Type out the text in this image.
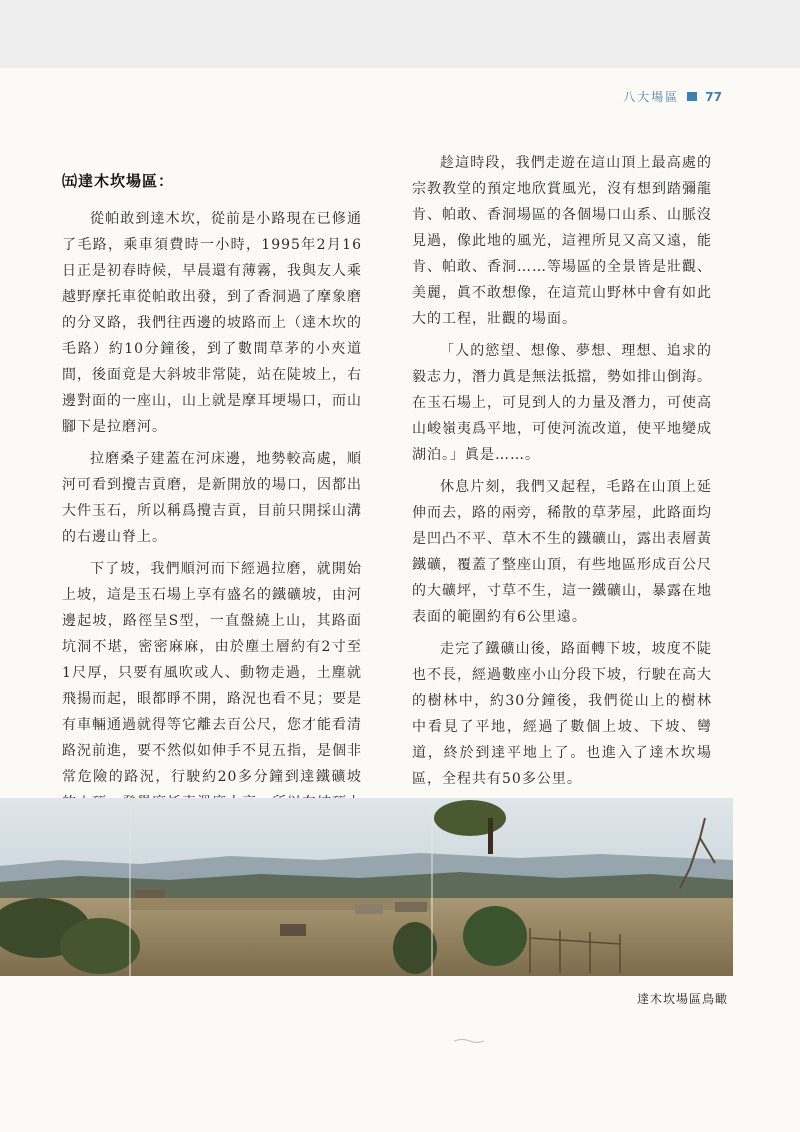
八大場區 77
㈤達木坎場區：

從帕敢到達木坎，從前是小路現在已修通了毛路，乘車須費時一小時，1995年2月16日正是初春時候，早晨還有薄霧，我與友人乘越野摩托車從帕敢出發，到了香洞過了摩象磨的分叉路，我們往西邊的坡路而上（達木坎的毛路）約10分鐘後，到了數間草茅的小夾道間，後面竟是大斜坡非常陡，站在陡坡上，右邊對面的一座山，山上就是摩耳埂場口，而山腳下是拉磨河。

拉磨桑子建蓋在河床邊，地勢較高處，順河可看到攪吉貢磨，是新開放的場口，因都出大件玉石，所以稱爲攪吉貢，目前只開採山溝的右邊山脊上。

下了坡，我們順河而下經過拉磨，就開始上坡，這是玉石場上享有盛名的鐵礦坡，由河邊起坡，路徑呈S型，一直盤繞上山，其路面坑洞不堪，密密麻麻，由於塵土層約有2寸至1尺厚，只要有風吹或人、動物走過，土塵就飛揚而起，眼都睜不開，路況也看不見；要是有車輛通過就得等它離去百公尺，您才能看清路況前進，要不然似如伸手不見五指，是個非常危險的路況，行駛約20多分鐘到達鐵礦坡

趁這時段，我們走遊在這山頂上最高處的宗教教堂的預定地欣賞風光，沒有想到踏彌龍肯、帕敢、香洞場區的各個場口山系、山脈沒見過，像此地的風光，這裡所見又高又遠，能肯、帕敢、香洞……等場區的全景皆是壯觀、美麗，眞不敢想像，在這荒山野林中會有如此大的工程，壯觀的場面。

「人的慾望、想像、夢想、理想、追求的毅志力，潛力眞是無法抵擋，勢如排山倒海。在玉石場上，可見到人的力量及潛力，可使高山峻嶺夷爲平地，可使河流改道，使平地變成湖泊。」眞是……。

休息片刻，我們又起程，毛路在山頂上延伸而去，路的兩旁，稀散的草茅屋，此路面均是凹凸不平、草木不生的鐵礦山，露出表層黃鐵礦，覆蓋了整座山頂，有些地區形成百公尺的大礦坪，寸草不生，這一鐵礦山，暴露在地表面的範圍約有6公里遠。

走完了鐵礦山後，路面轉下坡，坡度不陡也不長，經過數座小山分段下坡，行駛在高大的樹林中，約30分鐘後，我們從山上的樹林中看見了平地，經過了數個上坡、下坡、彎道，終於到達平地上了。也進入了達木坎場區，全程共有50多公里。

達木坎場區鳥瞰
